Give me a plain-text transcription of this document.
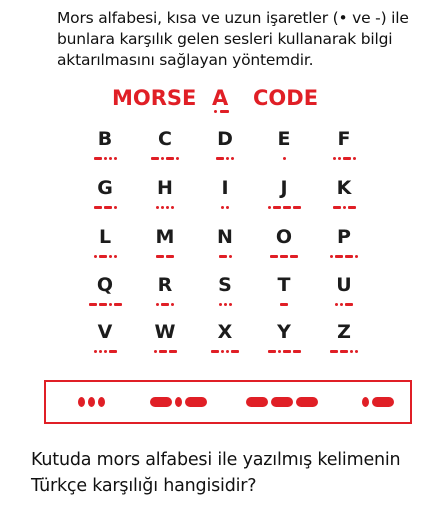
Mors alfabesi, kısa ve uzun işaretler (• ve -) ile bunlara karşılık gelen sesleri kullanarak bilgi aktarılmasını sağlayan yöntemdir.
MORSE A CODE
B	C	D	E	F
G	H	I	J	K
L	M	N	O	P
Q	R	S	T	U
V	W	X	Y	Z
Kutuda mors alfabesi ile yazılmış kelimenin Türkçe karşılığı hangisidir?
